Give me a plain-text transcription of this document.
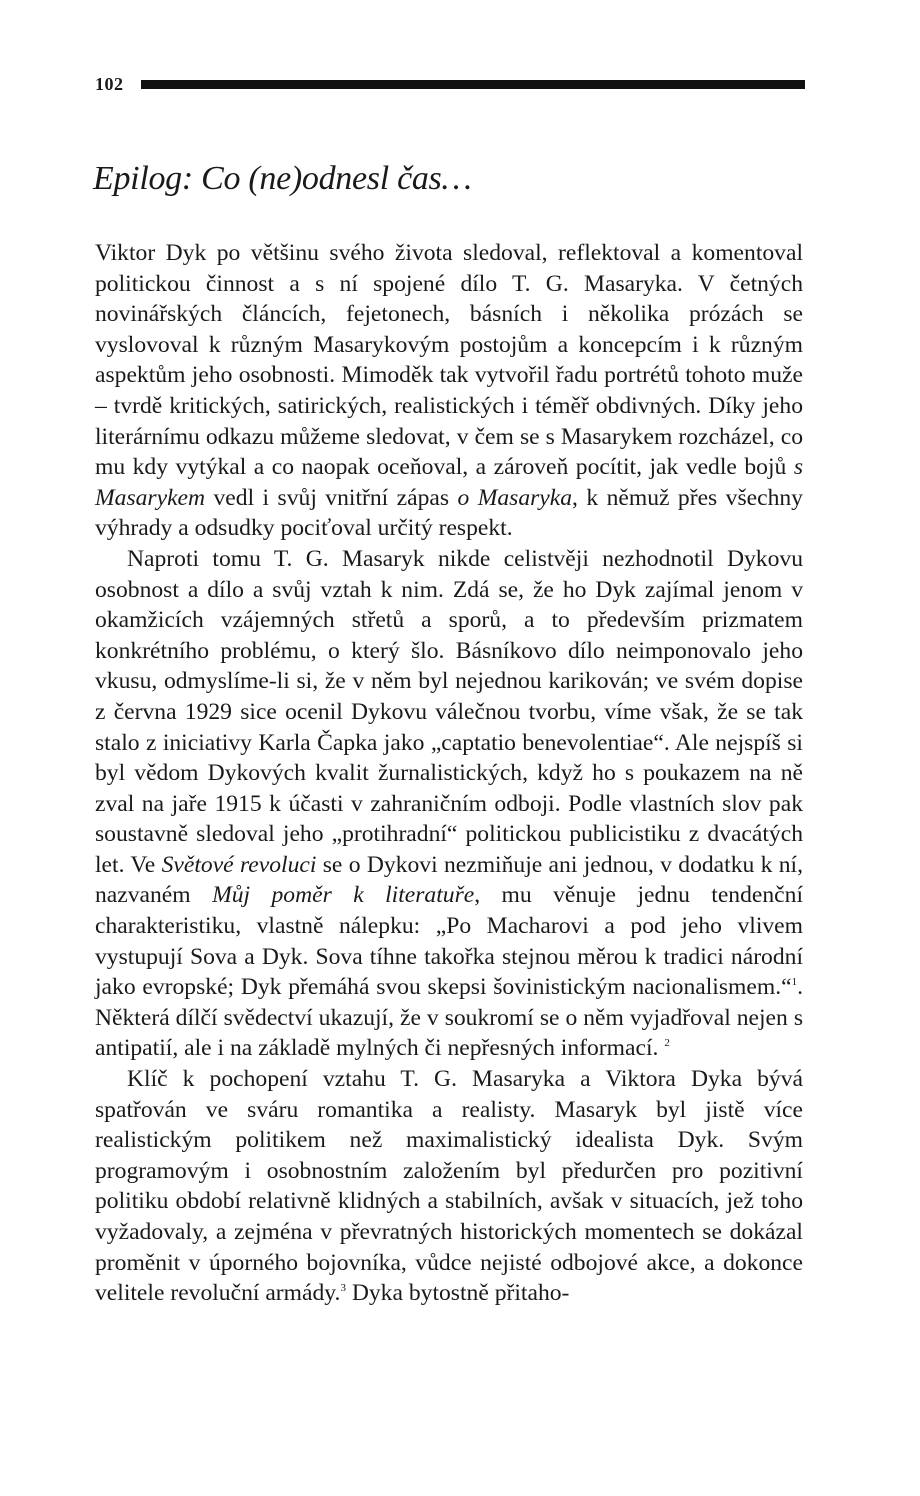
102
Epilog: Co (ne)odnesl čas…

Viktor Dyk po většinu svého života sledoval, reflektoval a komentoval politickou činnost a s ní spojené dílo T. G. Masaryka. V četných novinářských článcích, fejetonech, básních i několika prózách se vyslovoval k různým Masarykovým postojům a koncepcím i k různým aspektům jeho osobnosti. Mimoděk tak vytvořil řadu portrétů tohoto muže – tvrdě kritických, satirických, realistických i téměř obdivných. Díky jeho literárnímu odkazu můžeme sledovat, v čem se s Masarykem rozcházel, co mu kdy vytýkal a co naopak oceňoval, a zároveň pocítit, jak vedle bojů s Masarykem vedl i svůj vnitřní zápas o Masaryka, k němuž přes všechny výhrady a odsudky pociťoval určitý respekt.

Naproti tomu T. G. Masaryk nikde celistvěji nezhodnotil Dykovu osobnost a dílo a svůj vztah k nim. Zdá se, že ho Dyk zajímal jenom v okamžicích vzájemných střetů a sporů, a to především prizmatem konkrétního problému, o který šlo. Básníkovo dílo neimponovalo jeho vkusu, odmyslíme-li si, že v něm byl nejednou karikován; ve svém dopise z června 1929 sice ocenil Dykovu válečnou tvorbu, víme však, že se tak stalo z iniciativy Karla Čapka jako „captatio benevolentiae“. Ale nejspíš si byl vědom Dykových kvalit žurnalistických, když ho s poukazem na ně zval na jaře 1915 k účasti v zahraničním odboji. Podle vlastních slov pak soustavně sledoval jeho „protihradní“ politickou publicistiku z dvacátých let. Ve Světové revoluci se o Dykovi nezmiňuje ani jednou, v dodatku k ní, nazvaném Můj poměr k literatuře, mu věnuje jednu tendenční charakteristiku, vlastně nálepku: „Po Macharovi a pod jeho vlivem vystupují Sova a Dyk. Sova tíhne takořka stejnou měrou k tradici národní jako evropské; Dyk přemáhá svou skepsi šovinistickým nacionalismem.“$^1$. Některá dílčí svědectví ukazují, že v soukromí se o něm vyjadřoval nejen s antipatií, ale i na základě mylných či nepřesných informací. $^2$

Klíč k pochopení vztahu T. G. Masaryka a Viktora Dyka bývá spatřován ve sváru romantika a realisty. Masaryk byl jistě více realistickým politikem než maximalistický idealista Dyk. Svým programovým i osobnostním založením byl předurčen pro pozitivní politiku období relativně klidných a stabilních, avšak v situacích, jež toho vyžadovaly, a zejména v převratných historických momentech se dokázal proměnit v úporného bojovníka, vůdce nejisté odbojové akce, a dokonce velitele revoluční armády.$^3$ Dyka bytostně přitaho-
